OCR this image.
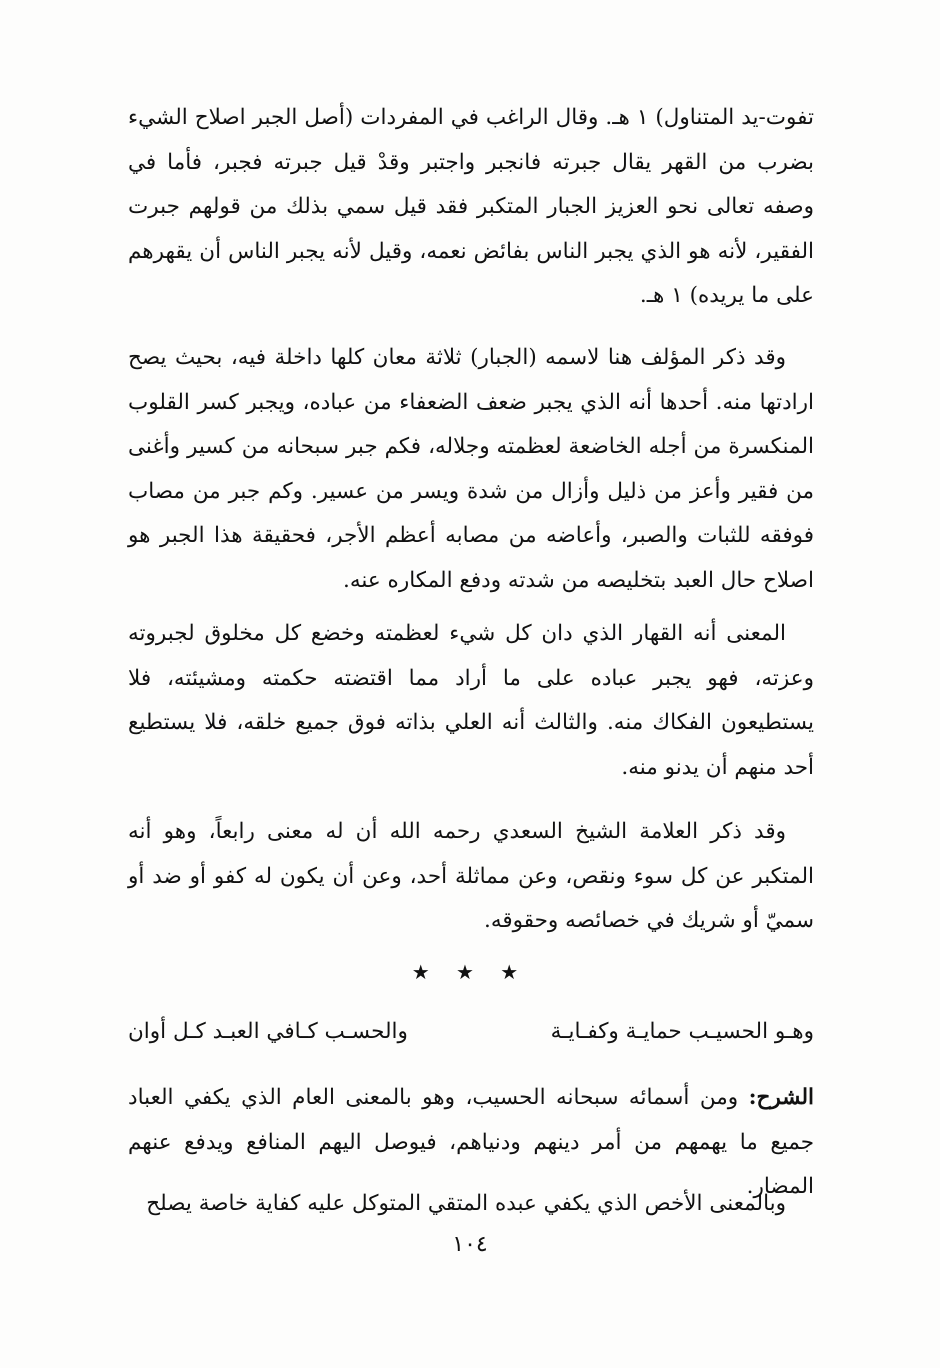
تفوت-يد المتناول) ١ هـ. وقال الراغب في المفردات (أصل الجبر اصلاح الشيء بضرب من القهر يقال جبرته فانجبر واجتبر وقدْ قيل جبرته فجبر، فأما في وصفه تعالى نحو العزيز الجبار المتكبر فقد قيل سمي بذلك من قولهم جبرت الفقير، لأنه هو الذي يجبر الناس بفائض نعمه، وقيل لأنه يجبر الناس أن يقهرهم على ما يريده) ١ هـ.

وقد ذكر المؤلف هنا لاسمه (الجبار) ثلاثة معان كلها داخلة فيه، بحيث يصح ارادتها منه. أحدها أنه الذي يجبر ضعف الضعفاء من عباده، ويجبر كسر القلوب المنكسرة من أجله الخاضعة لعظمته وجلاله، فكم جبر سبحانه من كسير وأغنى من فقير وأعز من ذليل وأزال من شدة ويسر من عسير. وكم جبر من مصاب فوفقه للثبات والصبر، وأعاضه من مصابه أعظم الأجر، فحقيقة هذا الجبر هو اصلاح حال العبد بتخليصه من شدته ودفع المكاره عنه.

المعنى أنه القهار الذي دان كل شيء لعظمته وخضع كل مخلوق لجبروته وعزته، فهو يجبر عباده على ما أراد مما اقتضته حكمته ومشيئته، فلا يستطيعون الفكاك منه. والثالث أنه العلي بذاته فوق جميع خلقه، فلا يستطيع أحد منهم أن يدنو منه.

وقد ذكر العلامة الشيخ السعدي رحمه الله أن له معنى رابعاً، وهو أنه المتكبر عن كل سوء ونقص، وعن مماثلة أحد، وعن أن يكون له كفو أو ضد أو سميّ أو شريك في خصائصه وحقوقه.

★ ★ ★
وهـو الحسيـب حمايـة وكفـايـة
والحسـب كـافي العبـد كـل أوان

الشرح: ومن أسمائه سبحانه الحسيب، وهو بالمعنى العام الذي يكفي العباد جميع ما يهمهم من أمر دينهم ودنياهم، فيوصل اليهم المنافع ويدفع عنهم المضار.

وبالمعنى الأخص الذي يكفي عبده المتقي المتوكل عليه كفاية خاصة يصلح

١٠٤
